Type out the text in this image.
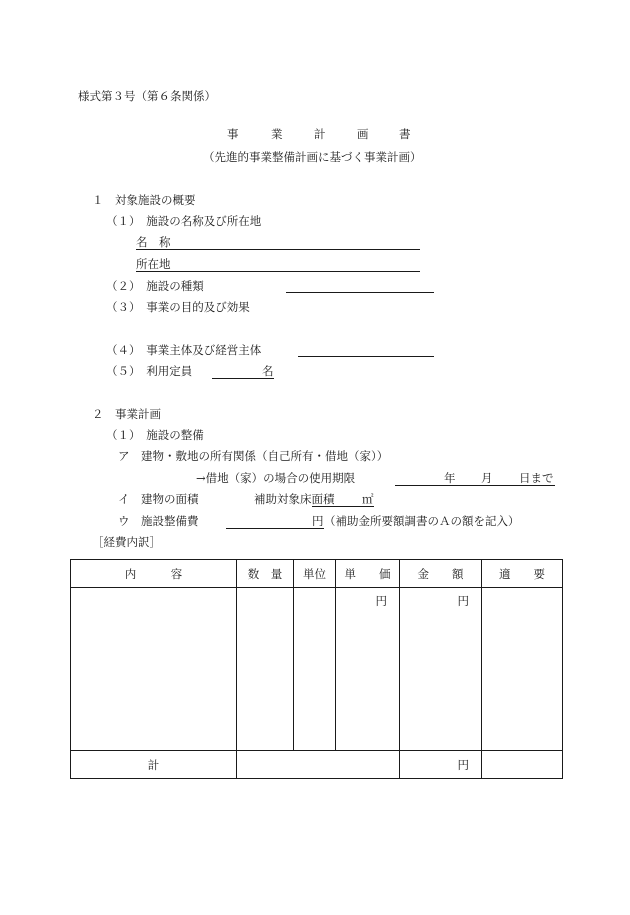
様式第３号（第６条関係）
事	業	計	画	書
（先進的事業整備計画に基づく事業計画）
１　対象施設の概要
（１）　施設の名称及び所在地
名　称
所在地
（２）　施設の種類
（３）　事業の目的及び効果
（４）　事業主体及び経営主体
（５）　利用定員	名
２　事業計画
（１）　施設の整備
ア　建物・敷地の所有関係（自己所有・借地（家））
→借地（家）の場合の使用期限	年 月 日まで
イ　建物の面積	補助対象床面積 ㎡
ウ　施設整備費	円 （補助金所要額調書のＡの額を記入）
［経費内訳］
内　　　容	数　量	単位	単　　価	金　　額	適　　要
			円	円	
計				円	
